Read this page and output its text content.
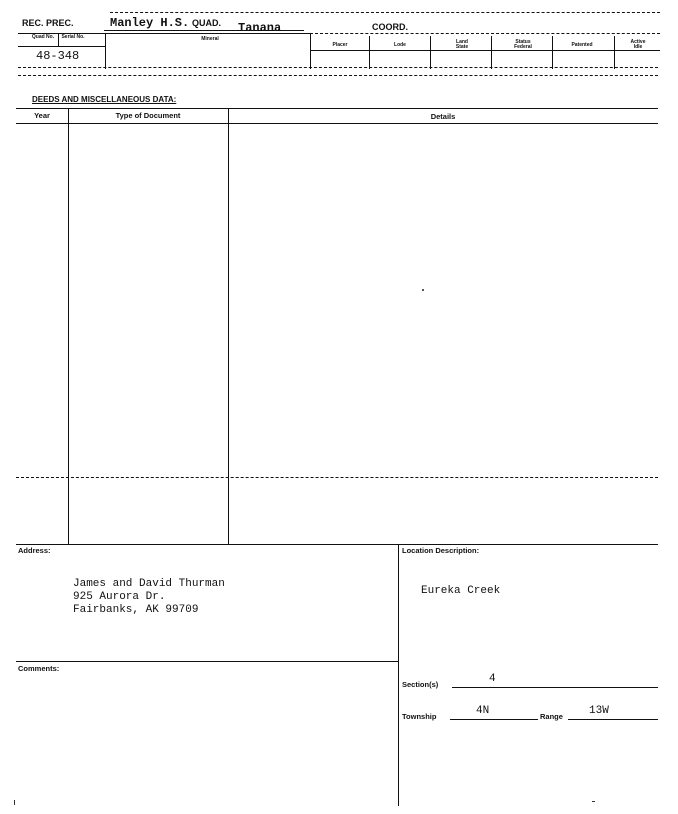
REC. PREC.	Manley H.S. QUAD. Tanana	COORD.
Quad No.	Serial No.	Mineral
Placer	Lode	Land State
Status Federal	Patented	Active Idle
48-348
DEEDS AND MISCELLANEOUS DATA:
Year	Type of Document	Details
Address:
James and David Thurman
925 Aurora Dr.
Fairbanks, AK 99709
Location Description:
Eureka Creek
Section(s)	4
Township	4N	Range 13W
Comments:
